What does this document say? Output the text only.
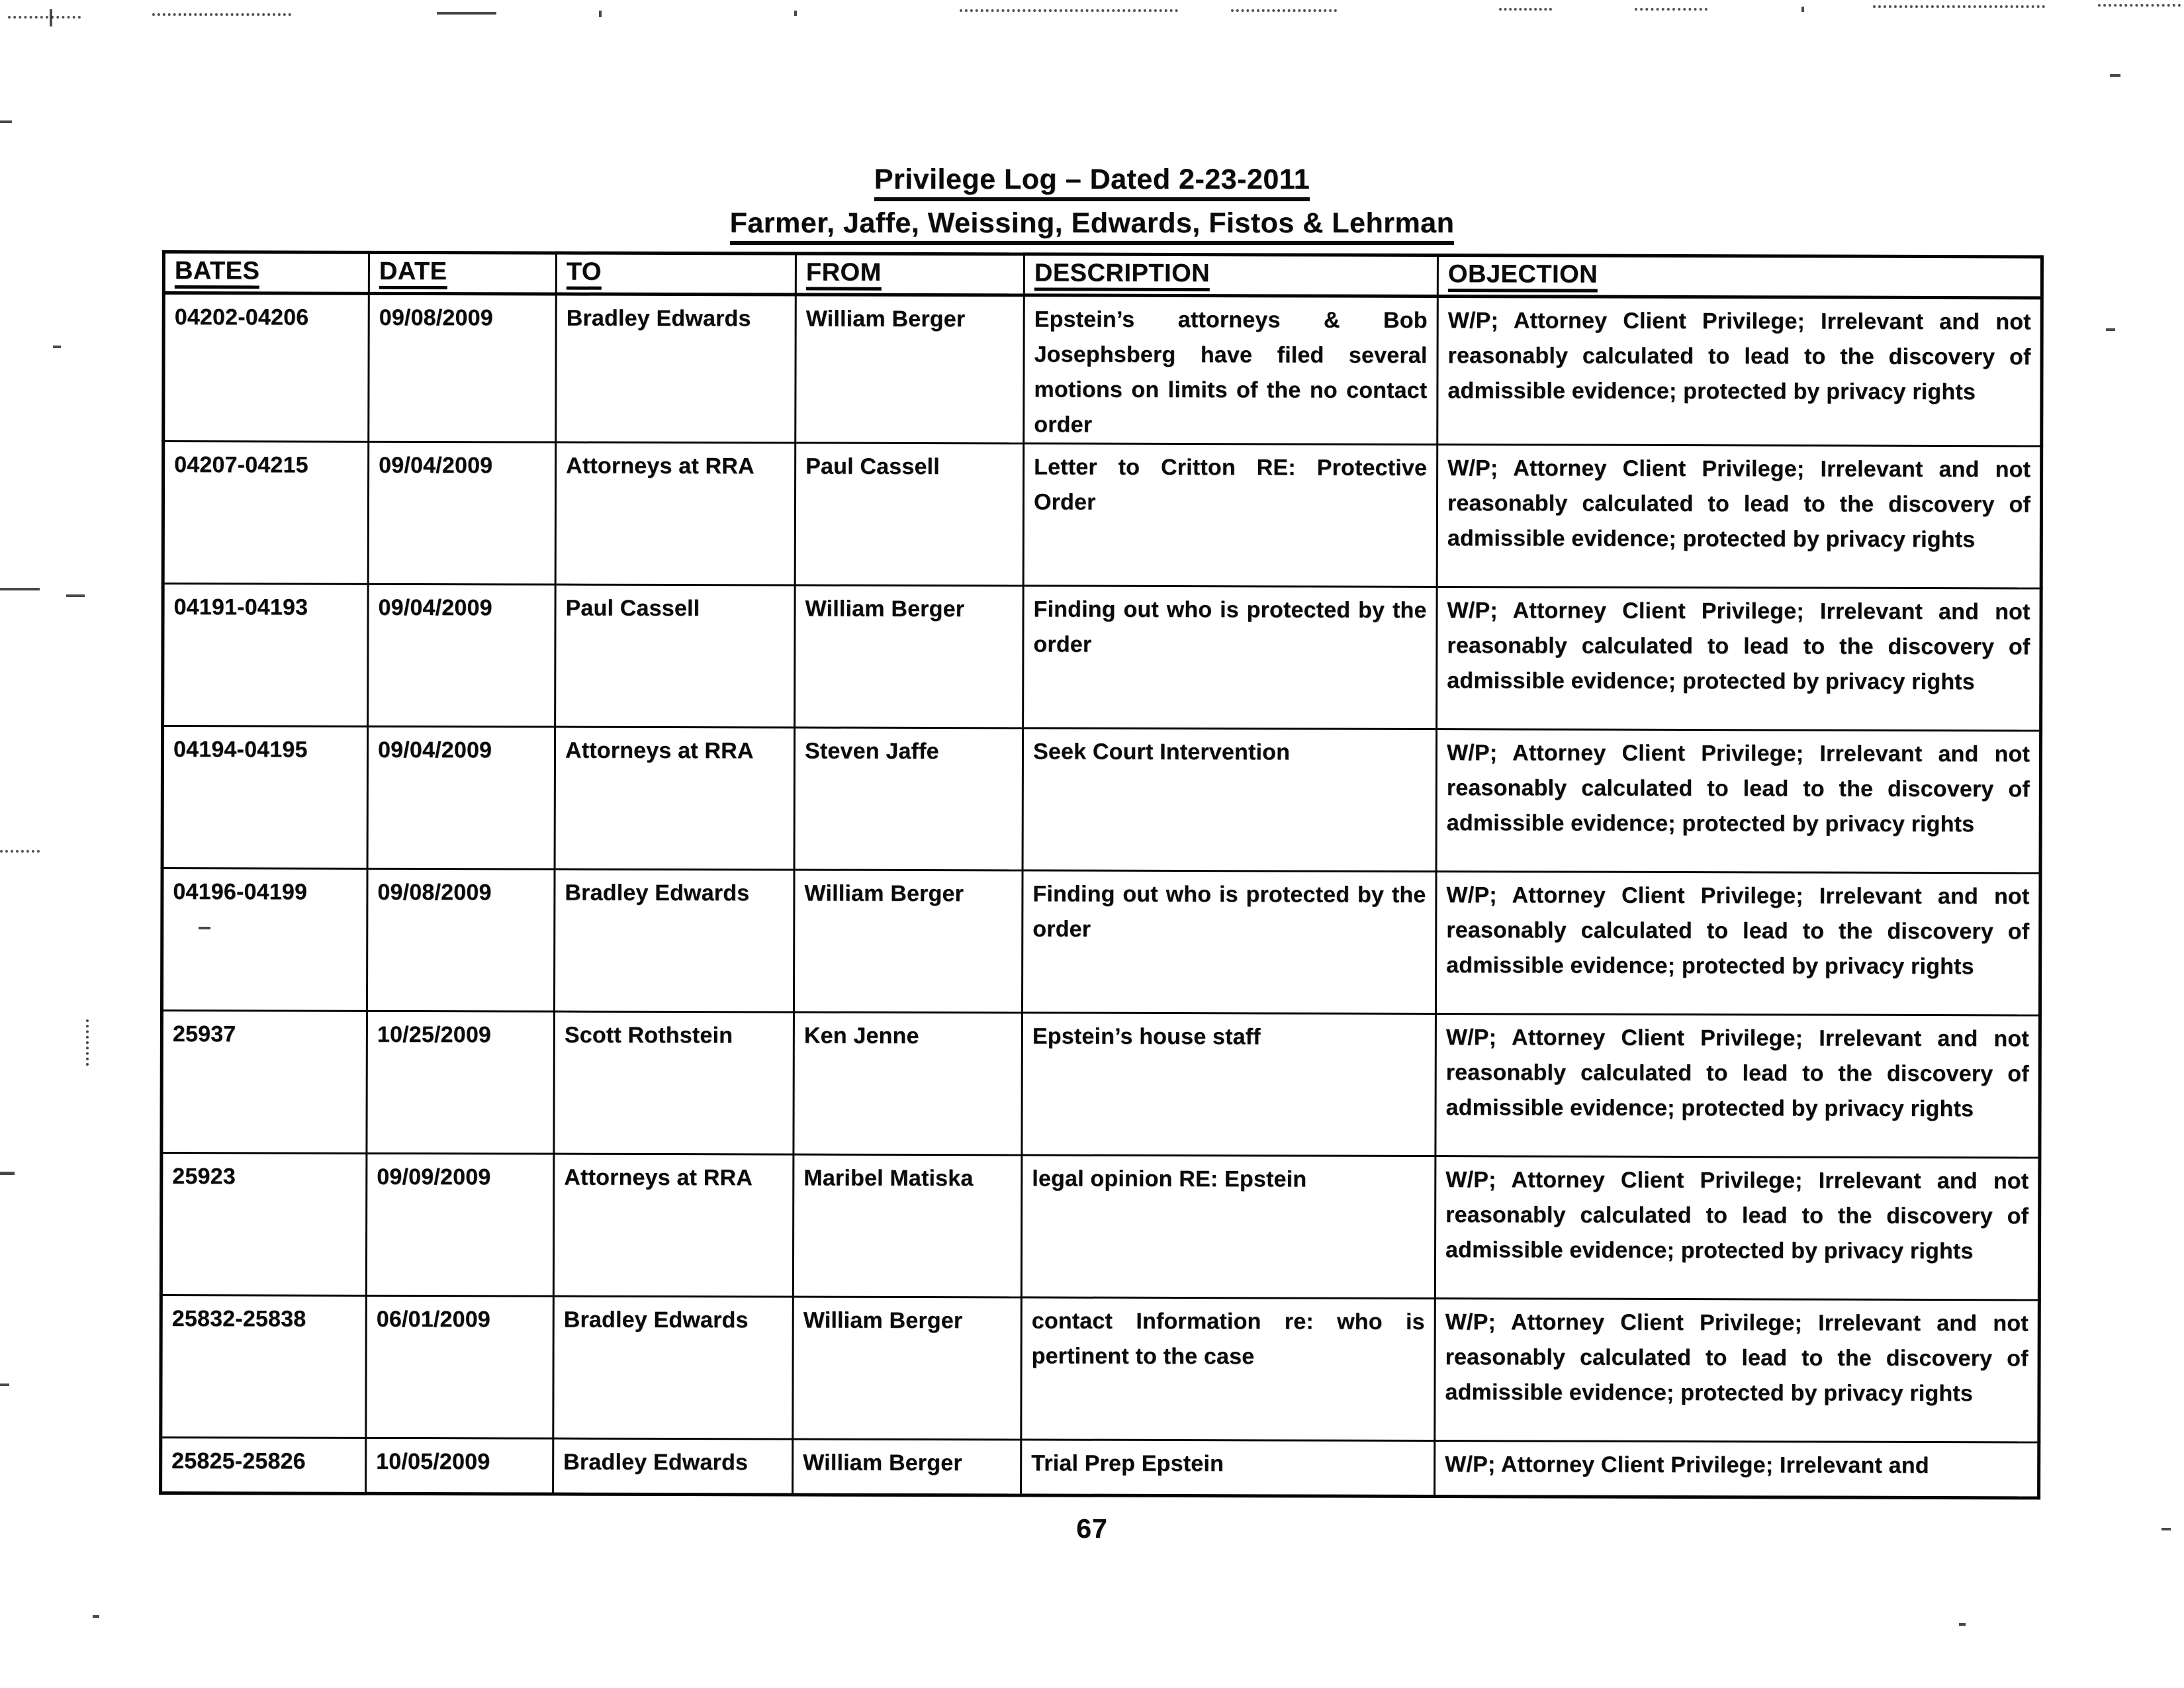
Privilege Log – Dated 2-23-2011
Farmer, Jaffe, Weissing, Edwards, Fistos & Lehrman
BATES	DATE	TO	FROM	DESCRIPTION	OBJECTION
04202-04206	09/08/2009	Bradley Edwards	William Berger	Epstein’s attorneys & Bob Josephsberg have filed several motions on limits of the no contact order	W/P; Attorney Client Privilege; Irrelevant and not reasonably calculated to lead to the discovery of admissible evidence; protected by privacy rights
04207-04215	09/04/2009	Attorneys at RRA	Paul Cassell	Letter to Critton RE: Protective Order	W/P; Attorney Client Privilege; Irrelevant and not reasonably calculated to lead to the discovery of admissible evidence; protected by privacy rights
04191-04193	09/04/2009	Paul Cassell	William Berger	Finding out who is protected by the order	W/P; Attorney Client Privilege; Irrelevant and not reasonably calculated to lead to the discovery of admissible evidence; protected by privacy rights
04194-04195	09/04/2009	Attorneys at RRA	Steven Jaffe	Seek Court Intervention	W/P; Attorney Client Privilege; Irrelevant and not reasonably calculated to lead to the discovery of admissible evidence; protected by privacy rights
04196-04199	09/08/2009	Bradley Edwards	William Berger	Finding out who is protected by the order	W/P; Attorney Client Privilege; Irrelevant and not reasonably calculated to lead to the discovery of admissible evidence; protected by privacy rights
25937	10/25/2009	Scott Rothstein	Ken Jenne	Epstein’s house staff	W/P; Attorney Client Privilege; Irrelevant and not reasonably calculated to lead to the discovery of admissible evidence; protected by privacy rights
25923	09/09/2009	Attorneys at RRA	Maribel Matiska	legal opinion RE: Epstein	W/P; Attorney Client Privilege; Irrelevant and not reasonably calculated to lead to the discovery of admissible evidence; protected by privacy rights
25832-25838	06/01/2009	Bradley Edwards	William Berger	contact Information re: who is pertinent to the case	W/P; Attorney Client Privilege; Irrelevant and not reasonably calculated to lead to the discovery of admissible evidence; protected by privacy rights
25825-25826	10/05/2009	Bradley Edwards	William Berger	Trial Prep Epstein	W/P; Attorney Client Privilege; Irrelevant and
67
